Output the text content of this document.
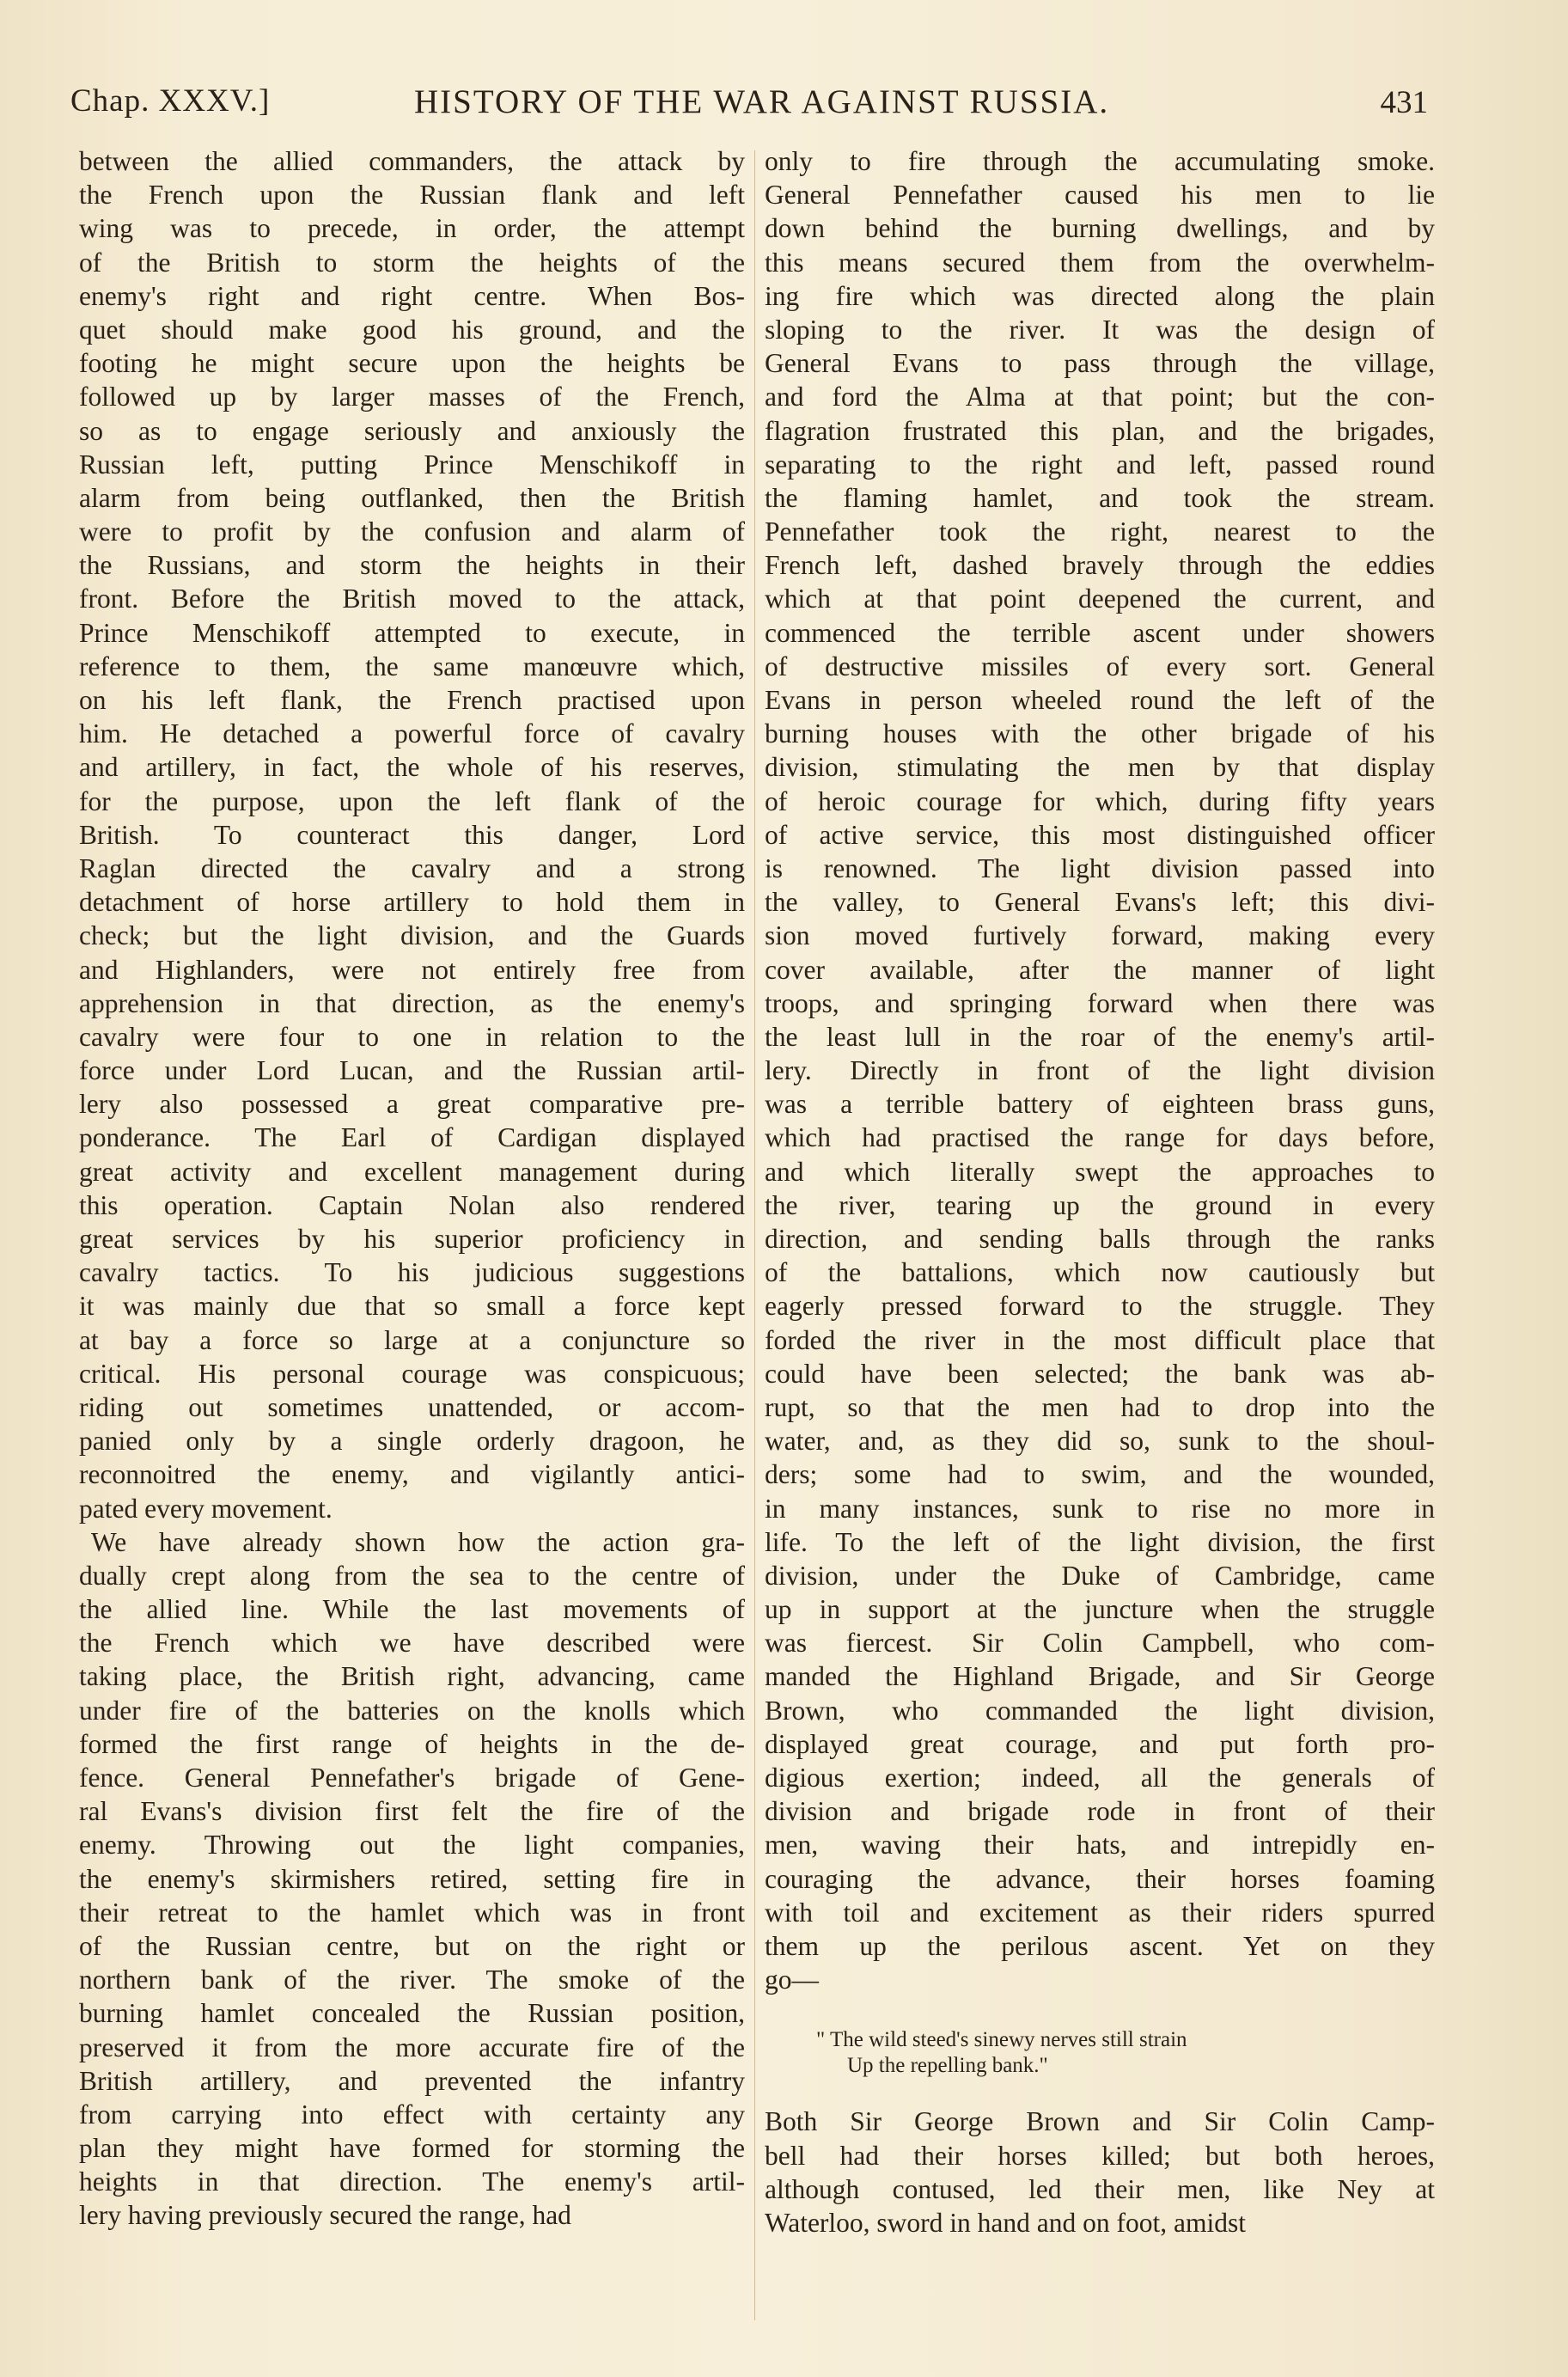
Chap. XXXV.]	HISTORY OF THE WAR AGAINST RUSSIA.	431
between the allied commanders, the attack by
the French upon the Russian flank and left
wing was to precede, in order, the attempt
of the British to storm the heights of the
enemy's right and right centre. When Bos-
quet should make good his ground, and the
footing he might secure upon the heights be
followed up by larger masses of the French,
so as to engage seriously and anxiously the
Russian left, putting Prince Menschikoff in
alarm from being outflanked, then the British
were to profit by the confusion and alarm of
the Russians, and storm the heights in their
front. Before the British moved to the attack,
Prince Menschikoff attempted to execute, in
reference to them, the same manœuvre which,
on his left flank, the French practised upon
him. He detached a powerful force of cavalry
and artillery, in fact, the whole of his reserves,
for the purpose, upon the left flank of the
British. To counteract this danger, Lord
Raglan directed the cavalry and a strong
detachment of horse artillery to hold them in
check; but the light division, and the Guards
and Highlanders, were not entirely free from
apprehension in that direction, as the enemy's
cavalry were four to one in relation to the
force under Lord Lucan, and the Russian artil-
lery also possessed a great comparative pre-
ponderance. The Earl of Cardigan displayed
great activity and excellent management during
this operation. Captain Nolan also rendered
great services by his superior proficiency in
cavalry tactics. To his judicious suggestions
it was mainly due that so small a force kept
at bay a force so large at a conjuncture so
critical. His personal courage was conspicuous;
riding out sometimes unattended, or accom-
panied only by a single orderly dragoon, he
reconnoitred the enemy, and vigilantly antici-
pated every movement.
We have already shown how the action gra-
dually crept along from the sea to the centre of
the allied line. While the last movements of
the French which we have described were
taking place, the British right, advancing, came
under fire of the batteries on the knolls which
formed the first range of heights in the de-
fence. General Pennefather's brigade of Gene-
ral Evans's division first felt the fire of the
enemy. Throwing out the light companies,
the enemy's skirmishers retired, setting fire in
their retreat to the hamlet which was in front
of the Russian centre, but on the right or
northern bank of the river. The smoke of the
burning hamlet concealed the Russian position,
preserved it from the more accurate fire of the
British artillery, and prevented the infantry
from carrying into effect with certainty any
plan they might have formed for storming the
heights in that direction. The enemy's artil-
lery having previously secured the range, had
only to fire through the accumulating smoke.
General Pennefather caused his men to lie
down behind the burning dwellings, and by
this means secured them from the overwhelm-
ing fire which was directed along the plain
sloping to the river. It was the design of
General Evans to pass through the village,
and ford the Alma at that point; but the con-
flagration frustrated this plan, and the brigades,
separating to the right and left, passed round
the flaming hamlet, and took the stream.
Pennefather took the right, nearest to the
French left, dashed bravely through the eddies
which at that point deepened the current, and
commenced the terrible ascent under showers
of destructive missiles of every sort. General
Evans in person wheeled round the left of the
burning houses with the other brigade of his
division, stimulating the men by that display
of heroic courage for which, during fifty years
of active service, this most distinguished officer
is renowned. The light division passed into
the valley, to General Evans's left; this divi-
sion moved furtively forward, making every
cover available, after the manner of light
troops, and springing forward when there was
the least lull in the roar of the enemy's artil-
lery. Directly in front of the light division
was a terrible battery of eighteen brass guns,
which had practised the range for days before,
and which literally swept the approaches to
the river, tearing up the ground in every
direction, and sending balls through the ranks
of the battalions, which now cautiously but
eagerly pressed forward to the struggle. They
forded the river in the most difficult place that
could have been selected; the bank was ab-
rupt, so that the men had to drop into the
water, and, as they did so, sunk to the shoul-
ders; some had to swim, and the wounded,
in many instances, sunk to rise no more in
life. To the left of the light division, the first
division, under the Duke of Cambridge, came
up in support at the juncture when the struggle
was fiercest. Sir Colin Campbell, who com-
manded the Highland Brigade, and Sir George
Brown, who commanded the light division,
displayed great courage, and put forth pro-
digious exertion; indeed, all the generals of
division and brigade rode in front of their
men, waving their hats, and intrepidly en-
couraging the advance, their horses foaming
with toil and excitement as their riders spurred
them up the perilous ascent. Yet on they
go—
" The wild steed's sinewy nerves still strain
Up the repelling bank."
Both Sir George Brown and Sir Colin Camp-
bell had their horses killed; but both heroes,
although contused, led their men, like Ney at
Waterloo, sword in hand and on foot, amidst
